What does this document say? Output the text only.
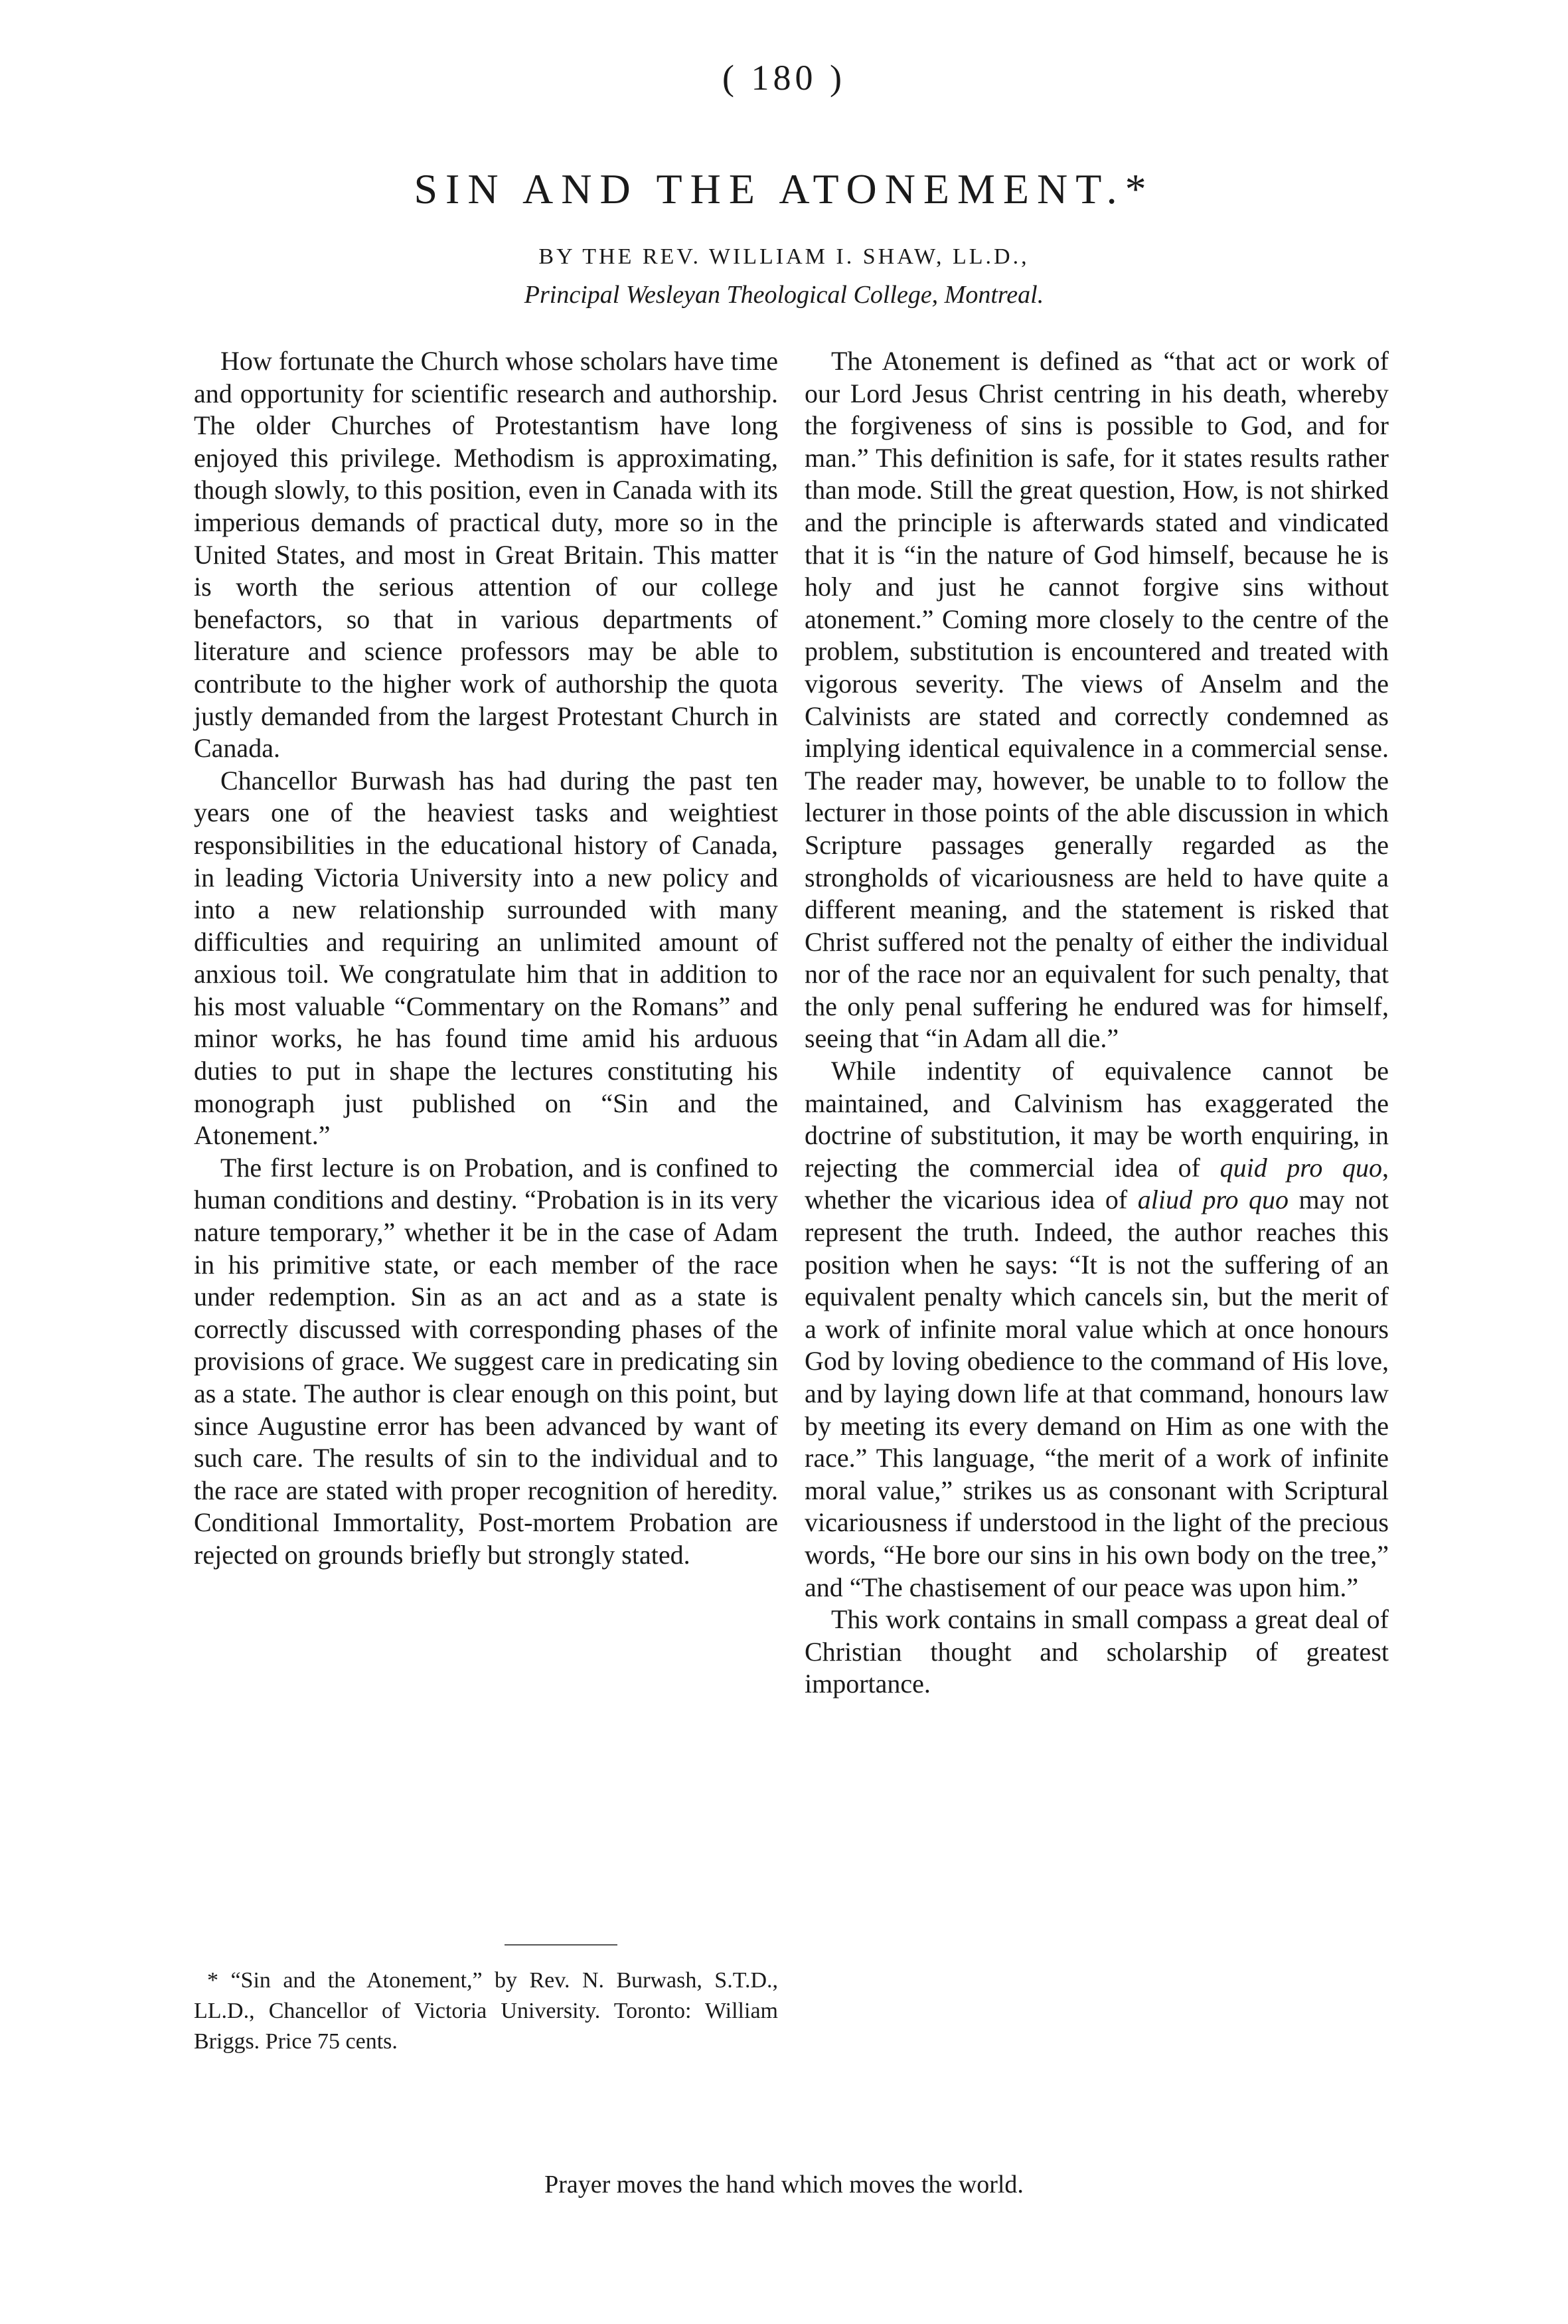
( 180 )
SIN AND THE ATONEMENT.*
BY THE REV. WILLIAM I. SHAW, LL.D.,
Principal Wesleyan Theological College, Montreal.

How fortunate the Church whose scholars have time and opportunity for scientific research and authorship. The older Churches of Protestantism have long enjoyed this privilege. Methodism is approximating, though slowly, to this position, even in Canada with its imperious demands of practical duty, more so in the United States, and most in Great Britain. This matter is worth the serious attention of our college benefactors, so that in various departments of literature and science professors may be able to contribute to the higher work of authorship the quota justly demanded from the largest Protestant Church in Canada.

Chancellor Burwash has had during the past ten years one of the heaviest tasks and weightiest responsibilities in the educational history of Canada, in leading Victoria University into a new policy and into a new relationship surrounded with many difficulties and requiring an unlimited amount of anxious toil. We congratulate him that in addition to his most valuable “Commentary on the Romans” and minor works, he has found time amid his arduous duties to put in shape the lectures constituting his monograph just published on “Sin and the Atonement.”

The first lecture is on Probation, and is confined to human conditions and destiny. “Probation is in its very nature temporary,” whether it be in the case of Adam in his primitive state, or each member of the race under redemption. Sin as an act and as a state is correctly discussed with corresponding phases of the provisions of grace. We suggest care in predicating sin as a state. The author is clear enough on this point, but since Augustine error has been advanced by want of such care. The results of sin to the individual and to the race are stated with proper recognition of heredity. Conditional Immortality, Post-mortem Probation are rejected on grounds briefly but strongly stated.

* “Sin and the Atonement,” by Rev. N. Burwash, S.T.D., LL.D., Chancellor of Victoria University. Toronto: William Briggs. Price 75 cents.

The Atonement is defined as “that act or work of our Lord Jesus Christ centring in his death, whereby the forgiveness of sins is possible to God, and for man.” This definition is safe, for it states results rather than mode. Still the great question, How, is not shirked and the principle is afterwards stated and vindicated that it is “in the nature of God himself, because he is holy and just he cannot forgive sins without atonement.” Coming more closely to the centre of the problem, substitution is encountered and treated with vigorous severity. The views of Anselm and the Calvinists are stated and correctly condemned as implying identical equivalence in a commercial sense. The reader may, however, be unable to to follow the lecturer in those points of the able discussion in which Scripture passages generally regarded as the strongholds of vicariousness are held to have quite a different meaning, and the statement is risked that Christ suffered not the penalty of either the individual nor of the race nor an equivalent for such penalty, that the only penal suffering he endured was for himself, seeing that “in Adam all die.”

While indentity of equivalence cannot be maintained, and Calvinism has exaggerated the doctrine of substitution, it may be worth enquiring, in rejecting the commercial idea of quid pro quo, whether the vicarious idea of aliud pro quo may not represent the truth. Indeed, the author reaches this position when he says: “It is not the suffering of an equivalent penalty which cancels sin, but the merit of a work of infinite moral value which at once honours God by loving obedience to the command of His love, and by laying down life at that command, honours law by meeting its every demand on Him as one with the race.” This language, “the merit of a work of infinite moral value,” strikes us as consonant with Scriptural vicariousness if understood in the light of the precious words, “He bore our sins in his own body on the tree,” and “The chastisement of our peace was upon him.”

This work contains in small compass a great deal of Christian thought and scholarship of greatest importance.

Prayer moves the hand which moves the world.
